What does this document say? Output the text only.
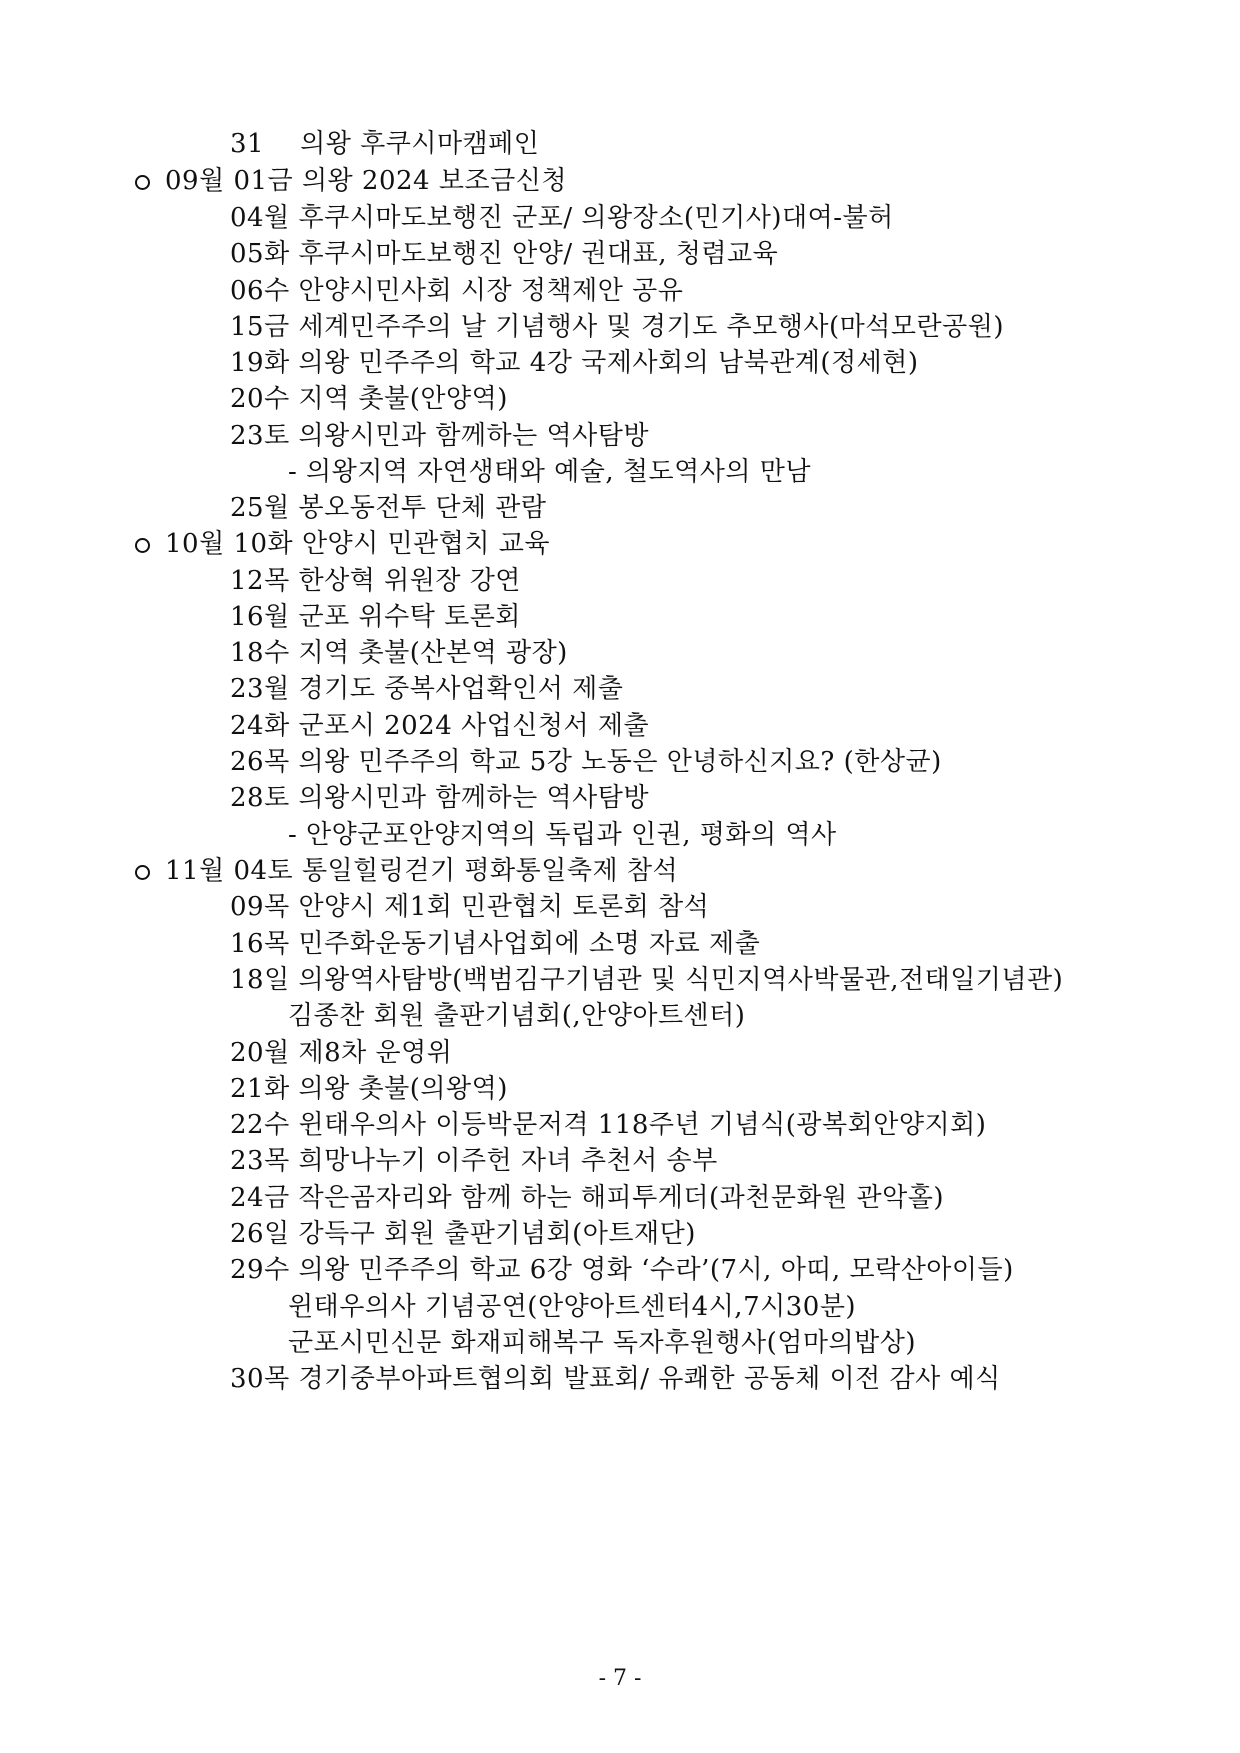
31 의왕 후쿠시마캠페인
09월 01금 의왕 2024 보조금신청
04월 후쿠시마도보행진 군포/ 의왕장소(민기사)대여-불허
05화 후쿠시마도보행진 안양/ 권대표, 청렴교육
06수 안양시민사회 시장 정책제안 공유
15금 세계민주주의 날 기념행사 및 경기도 추모행사(마석모란공원)
19화 의왕 민주주의 학교 4강 국제사회의 남북관계(정세현)
20수 지역 촛불(안양역)
23토 의왕시민과 함께하는 역사탐방
- 의왕지역 자연생태와 예술, 철도역사의 만남
25월 봉오동전투 단체 관람
10월 10화 안양시 민관협치 교육
12목 한상혁 위원장 강연
16월 군포 위수탁 토론회
18수 지역 촛불(산본역 광장)
23월 경기도 중복사업확인서 제출
24화 군포시 2024 사업신청서 제출
26목 의왕 민주주의 학교 5강 노동은 안녕하신지요? (한상균)
28토 의왕시민과 함께하는 역사탐방
- 안양군포안양지역의 독립과 인권, 평화의 역사
11월 04토 통일힐링걷기 평화통일축제 참석
09목 안양시 제1회 민관협치 토론회 참석
16목 민주화운동기념사업회에 소명 자료 제출
18일 의왕역사탐방(백범김구기념관 및 식민지역사박물관,전태일기념관)
김종찬 회원 출판기념회(,안양아트센터)
20월 제8차 운영위
21화 의왕 촛불(의왕역)
22수 윈태우의사 이등박문저격 118주년 기념식(광복회안양지회)
23목 희망나누기 이주헌 자녀 추천서 송부
24금 작은곰자리와 함께 하는 해피투게더(과천문화원 관악홀)
26일 강득구 회원 출판기념회(아트재단)
29수 의왕 민주주의 학교 6강 영화 ‘수라’(7시, 아띠, 모락산아이들)
윈태우의사 기념공연(안양아트센터4시,7시30분)
군포시민신문 화재피해복구 독자후원행사(엄마의밥상)
30목 경기중부아파트협의회 발표회/ 유쾌한 공동체 이전 감사 예식
- 7 -
